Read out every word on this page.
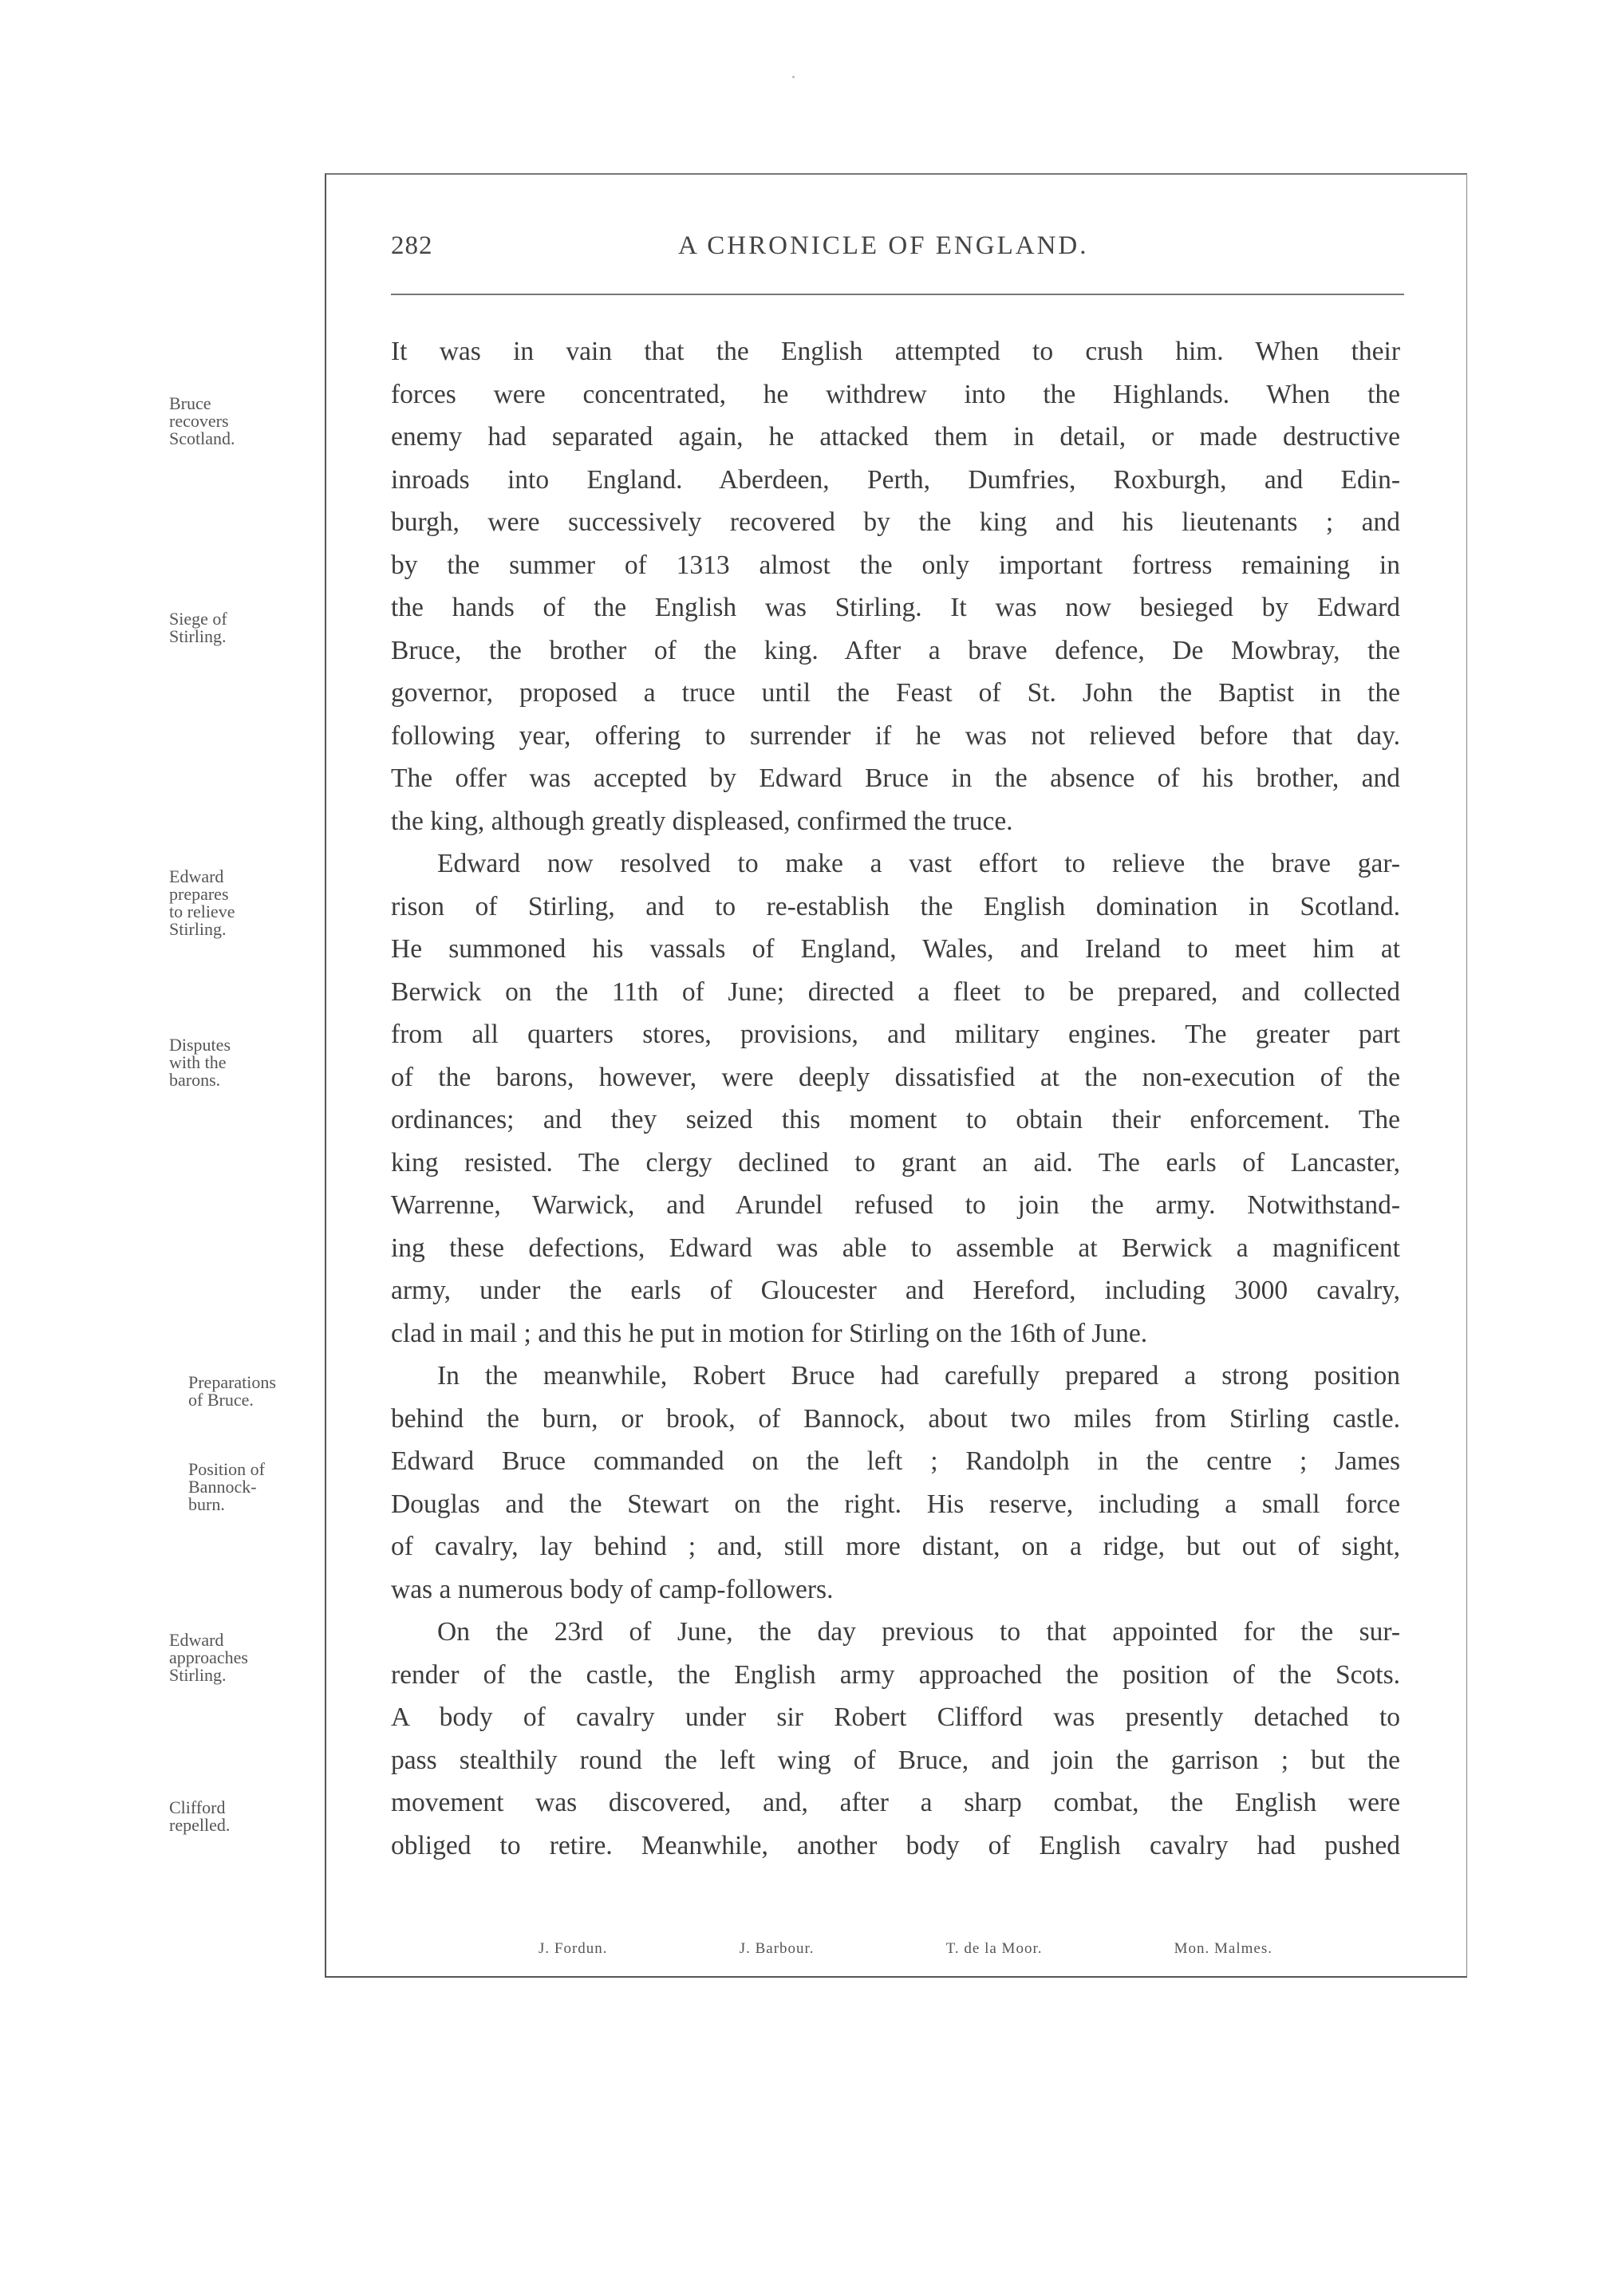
282	A CHRONICLE OF ENGLAND.
Bruce
recovers
Scotland.
Siege of
Stirling.
Edward
prepares
to relieve
Stirling.
Disputes
with the
barons.
Preparations
of Bruce.
Position of
Bannock-
burn.
Edward
approaches
Stirling.
Clifford
repelled.
It was in vain that the English attempted to crush him. When their
forces were concentrated, he withdrew into the Highlands. When the
enemy had separated again, he attacked them in detail, or made destructive
inroads into England. Aberdeen, Perth, Dumfries, Roxburgh, and Edin-
burgh, were successively recovered by the king and his lieutenants ; and
by the summer of 1313 almost the only important fortress remaining in
the hands of the English was Stirling. It was now besieged by Edward
Bruce, the brother of the king. After a brave defence, De Mowbray, the
governor, proposed a truce until the Feast of St. John the Baptist in the
following year, offering to surrender if he was not relieved before that day.
The offer was accepted by Edward Bruce in the absence of his brother, and
the king, although greatly displeased, confirmed the truce.
Edward now resolved to make a vast effort to relieve the brave gar-
rison of Stirling, and to re-establish the English domination in Scotland.
He summoned his vassals of England, Wales, and Ireland to meet him at
Berwick on the 11th of June; directed a fleet to be prepared, and collected
from all quarters stores, provisions, and military engines. The greater part
of the barons, however, were deeply dissatisfied at the non-execution of the
ordinances; and they seized this moment to obtain their enforcement. The
king resisted. The clergy declined to grant an aid. The earls of Lancaster,
Warrenne, Warwick, and Arundel refused to join the army. Notwithstand-
ing these defections, Edward was able to assemble at Berwick a magnificent
army, under the earls of Gloucester and Hereford, including 3000 cavalry,
clad in mail ; and this he put in motion for Stirling on the 16th of June.
In the meanwhile, Robert Bruce had carefully prepared a strong position
behind the burn, or brook, of Bannock, about two miles from Stirling castle.
Edward Bruce commanded on the left ; Randolph in the centre ; James
Douglas and the Stewart on the right. His reserve, including a small force
of cavalry, lay behind ; and, still more distant, on a ridge, but out of sight,
was a numerous body of camp-followers.
On the 23rd of June, the day previous to that appointed for the sur-
render of the castle, the English army approached the position of the Scots.
A body of cavalry under sir Robert Clifford was presently detached to
pass stealthily round the left wing of Bruce, and join the garrison ; but the
movement was discovered, and, after a sharp combat, the English were
obliged to retire. Meanwhile, another body of English cavalry had pushed
J. Fordun.	J. Barbour.	T. de la Moor.	Mon. Malmes.
